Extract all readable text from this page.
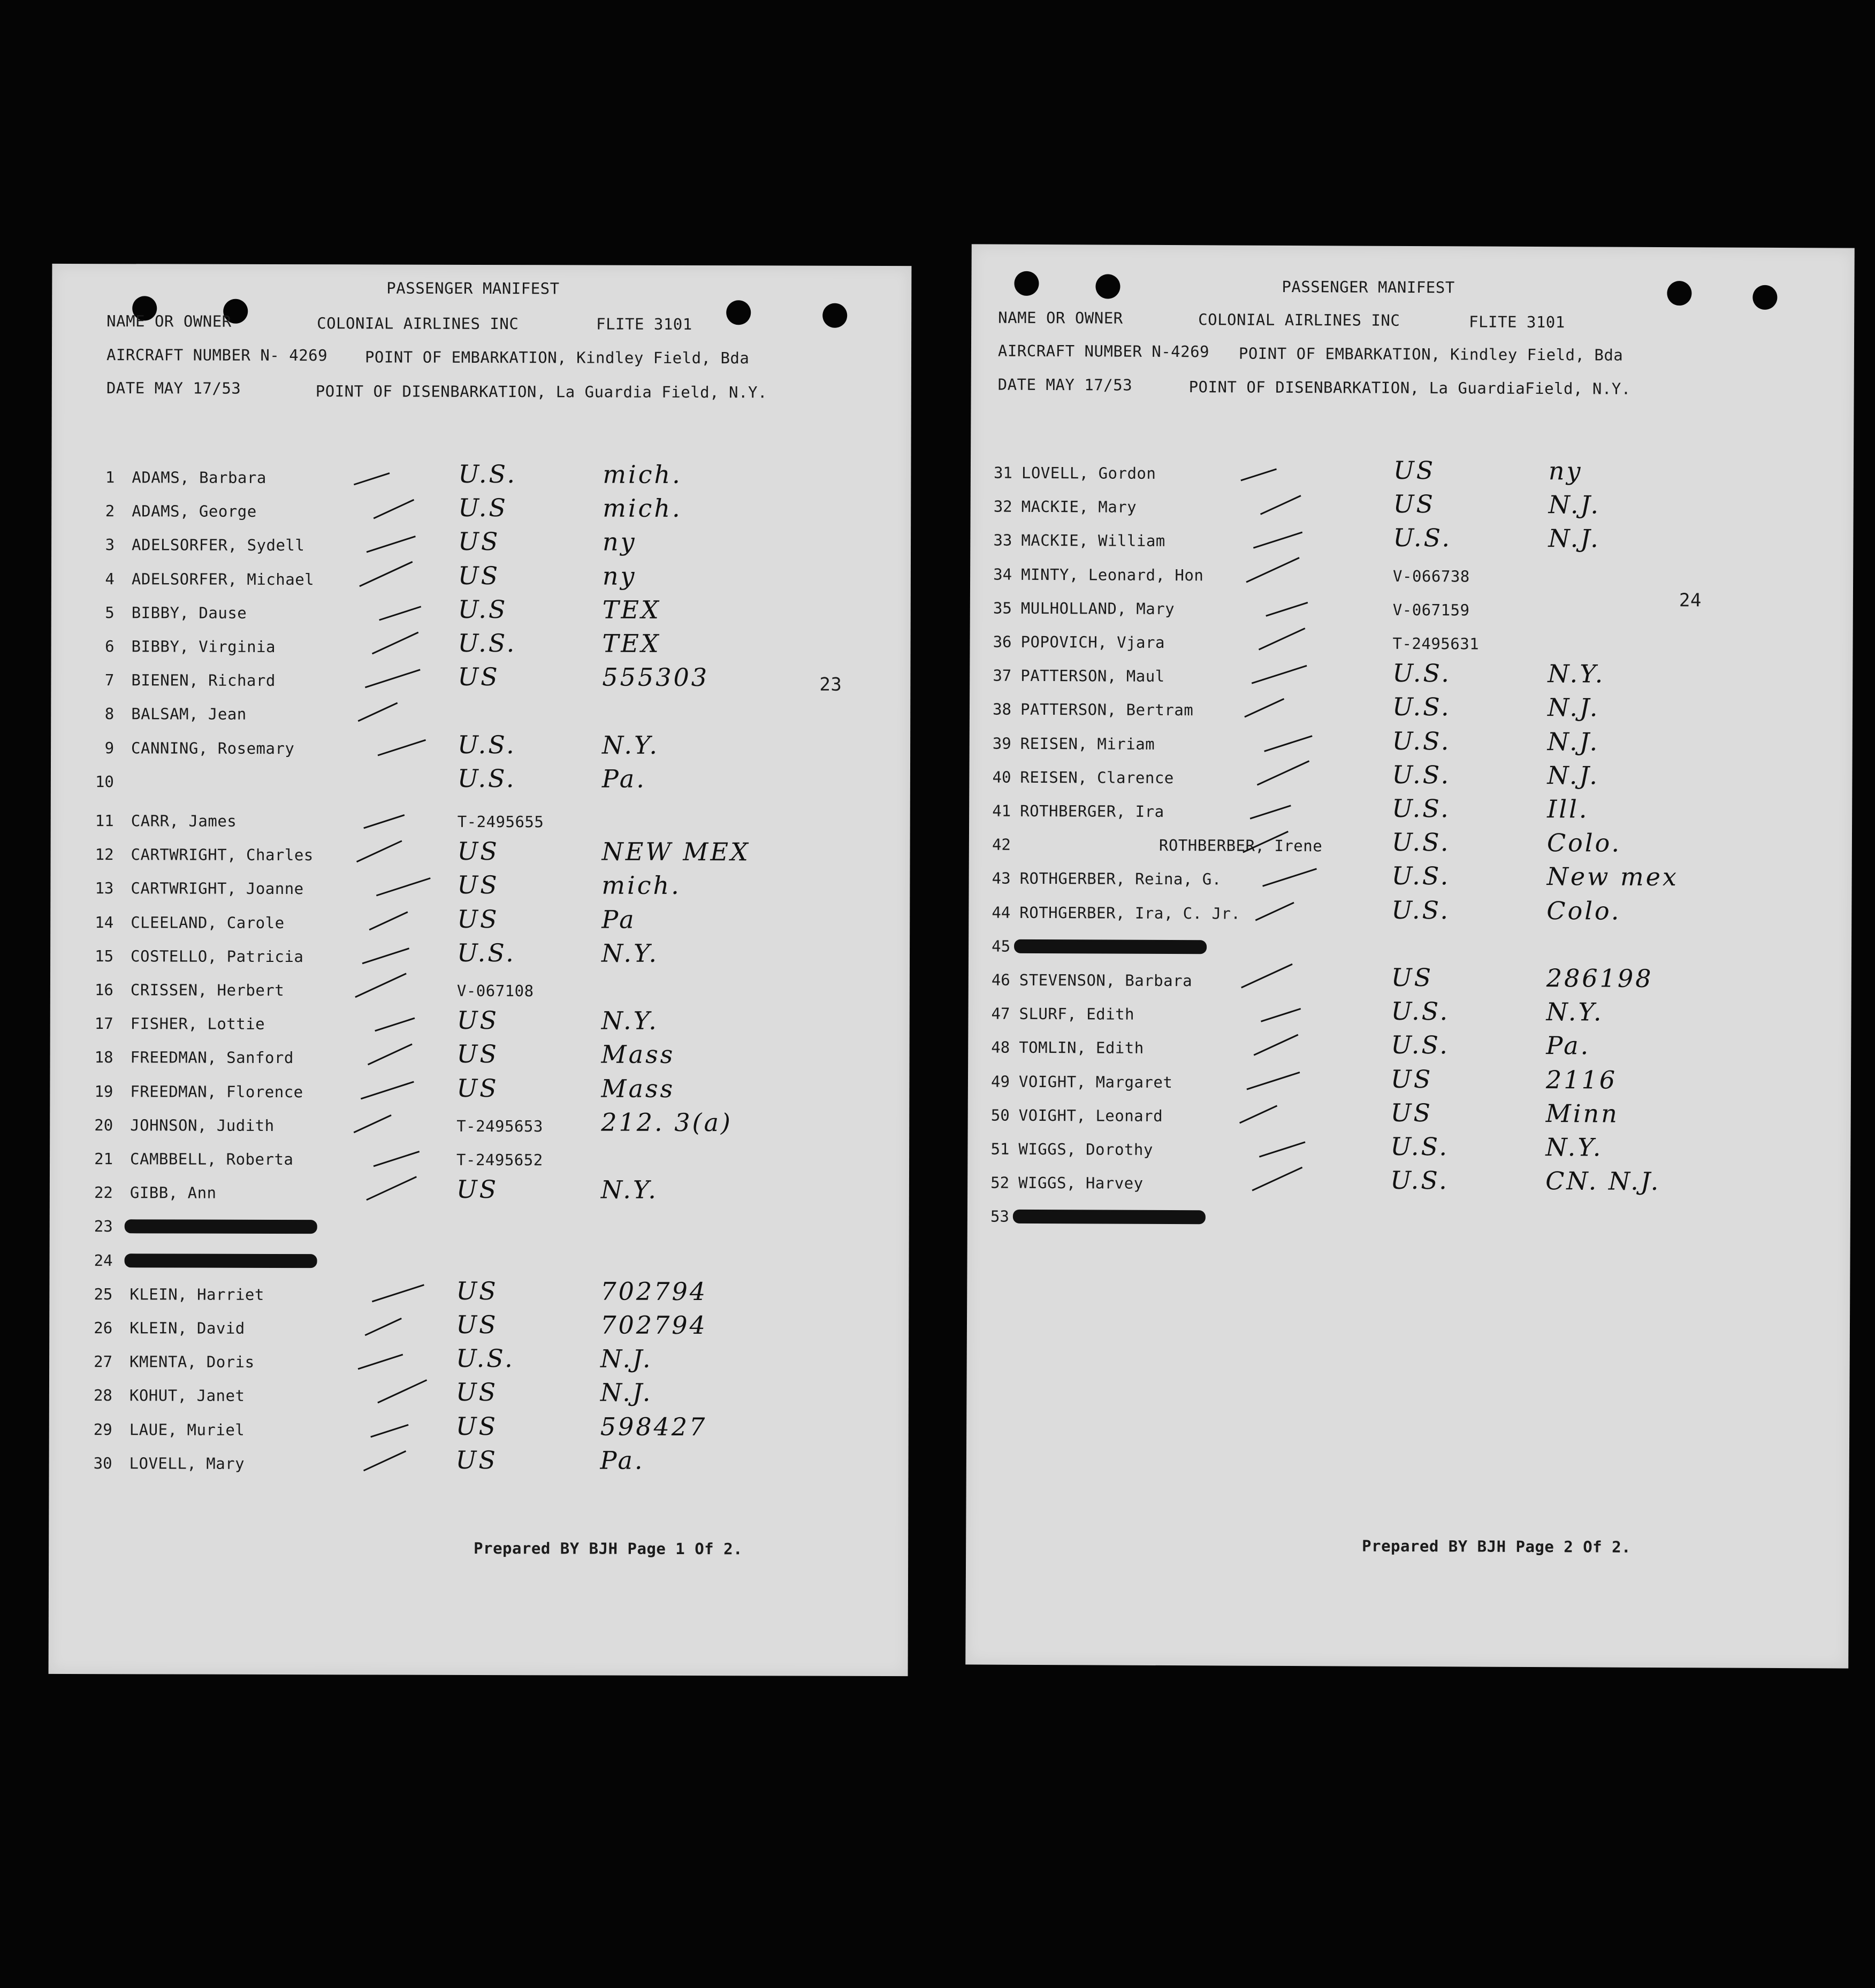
PASSENGER MANIFEST
NAME OR OWNER	COLONIAL AIRLINES INC	FLITE 3101
AIRCRAFT NUMBER N- 4269 POINT OF EMBARKATION, Kindley Field, Bda
DATE MAY 17/53	POINT OF DISENBARKATION, La Guardia Field, N.Y.
1 ADAMS, Barbara	U.S.	mich.
2 ADAMS, George	U.S	mich.
3 ADELSORFER, Sydell	US	ny
4 ADELSORFER, Michael	US	ny
5 BIBBY, Dause	U.S	TEX
6 BIBBY, Virginia	U.S.	TEX
7 BIENEN, Richard	US	555303
8 BALSAM, Jean
9 CANNING, Rosemary	U.S.	N.Y.
10	U.S.	Pa.
11 CARR, James	T-2495655
12 CARTWRIGHT, Charles	US	NEW MEX
13 CARTWRIGHT, Joanne	US	mich.
14 CLEELAND, Carole	US	Pa
15 COSTELLO, Patricia	U.S.	N.Y.
16 CRISSEN, Herbert	V-067108
17 FISHER, Lottie	US	N.Y.
18 FREEDMAN, Sanford	US	Mass
19 FREEDMAN, Florence	US	Mass
20 JOHNSON, Judith	T-2495653 212. 3(a)
21 CAMBBELL, Roberta	T-2495652
22 GIBB, Ann	US	N.Y.
23
24
25 KLEIN, Harriet	US	702794
26 KLEIN, David	US	702794
27 KMENTA, Doris	U.S.	N.J.
28 KOHUT, Janet	US	N.J.
29 LAUE, Muriel	US	598427
30 LOVELL, Mary	US	Pa.
23
Prepared BY BJH Page 1 Of 2.
PASSENGER MANIFEST
NAME OR OWNER	COLONIAL AIRLINES INC	FLITE 3101
AIRCRAFT NUMBER N-4269 POINT OF EMBARKATION, Kindley Field, Bda
DATE MAY 17/53	POINT OF DISENBARKATION, La GuardiaField, N.Y.
31 LOVELL, Gordon	US	ny
32 MACKIE, Mary	US	N.J.
33 MACKIE, William	U.S.	N.J.
34 MINTY, Leonard, Hon	V-066738
35 MULHOLLAND, Mary	V-067159
36 POPOVICH, Vjara	T-2495631
37 PATTERSON, Maul	U.S.	N.Y.
38 PATTERSON, Bertram	U.S.	N.J.
39 REISEN, Miriam	U.S.	N.J.
40 REISEN, Clarence	U.S.	N.J.
41 ROTHBERGER, Ira	U.S.	Ill.
42	ROTHBERBER, Irene	U.S.	Colo.
43 ROTHGERBER, Reina, G.	U.S.	New mex
44 ROTHGERBER, Ira, C. Jr.	U.S.	Colo.
45
46 STEVENSON, Barbara	US	286198
47 SLURF, Edith	U.S.	N.Y.
48 TOMLIN, Edith	U.S.	Pa.
49 VOIGHT, Margaret	US	2116
50 VOIGHT, Leonard	US	Minn
51 WIGGS, Dorothy	U.S.	N.Y.
52 WIGGS, Harvey	U.S.	CN. N.J.
53
24
Prepared BY BJH Page 2 Of 2.
